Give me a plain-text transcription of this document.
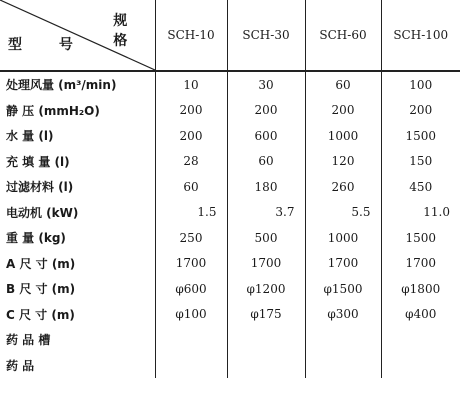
规 格
型 号	SCH-10	SCH-30	SCH-60	SCH-100
处理风量 (m³/min)	10	30	60	100
静 压 (mmH₂O)	200	200	200	200
水 量 (l)	200	600	1000	1500
充 填 量 (l)	28	60	120	150
过滤材料 (l)	60	180	260	450
电动机 (kW)	1.5	3.7	5.5	11.0
重 量 (kg)	250	500	1000	1500
A 尺 寸 (m)	1700	1700	1700	1700
B 尺 寸 (m)	φ600	φ1200	φ1500	φ1800
C 尺 寸 (m)	φ100	φ175	φ300	φ400
药 品 槽				
药 品				
